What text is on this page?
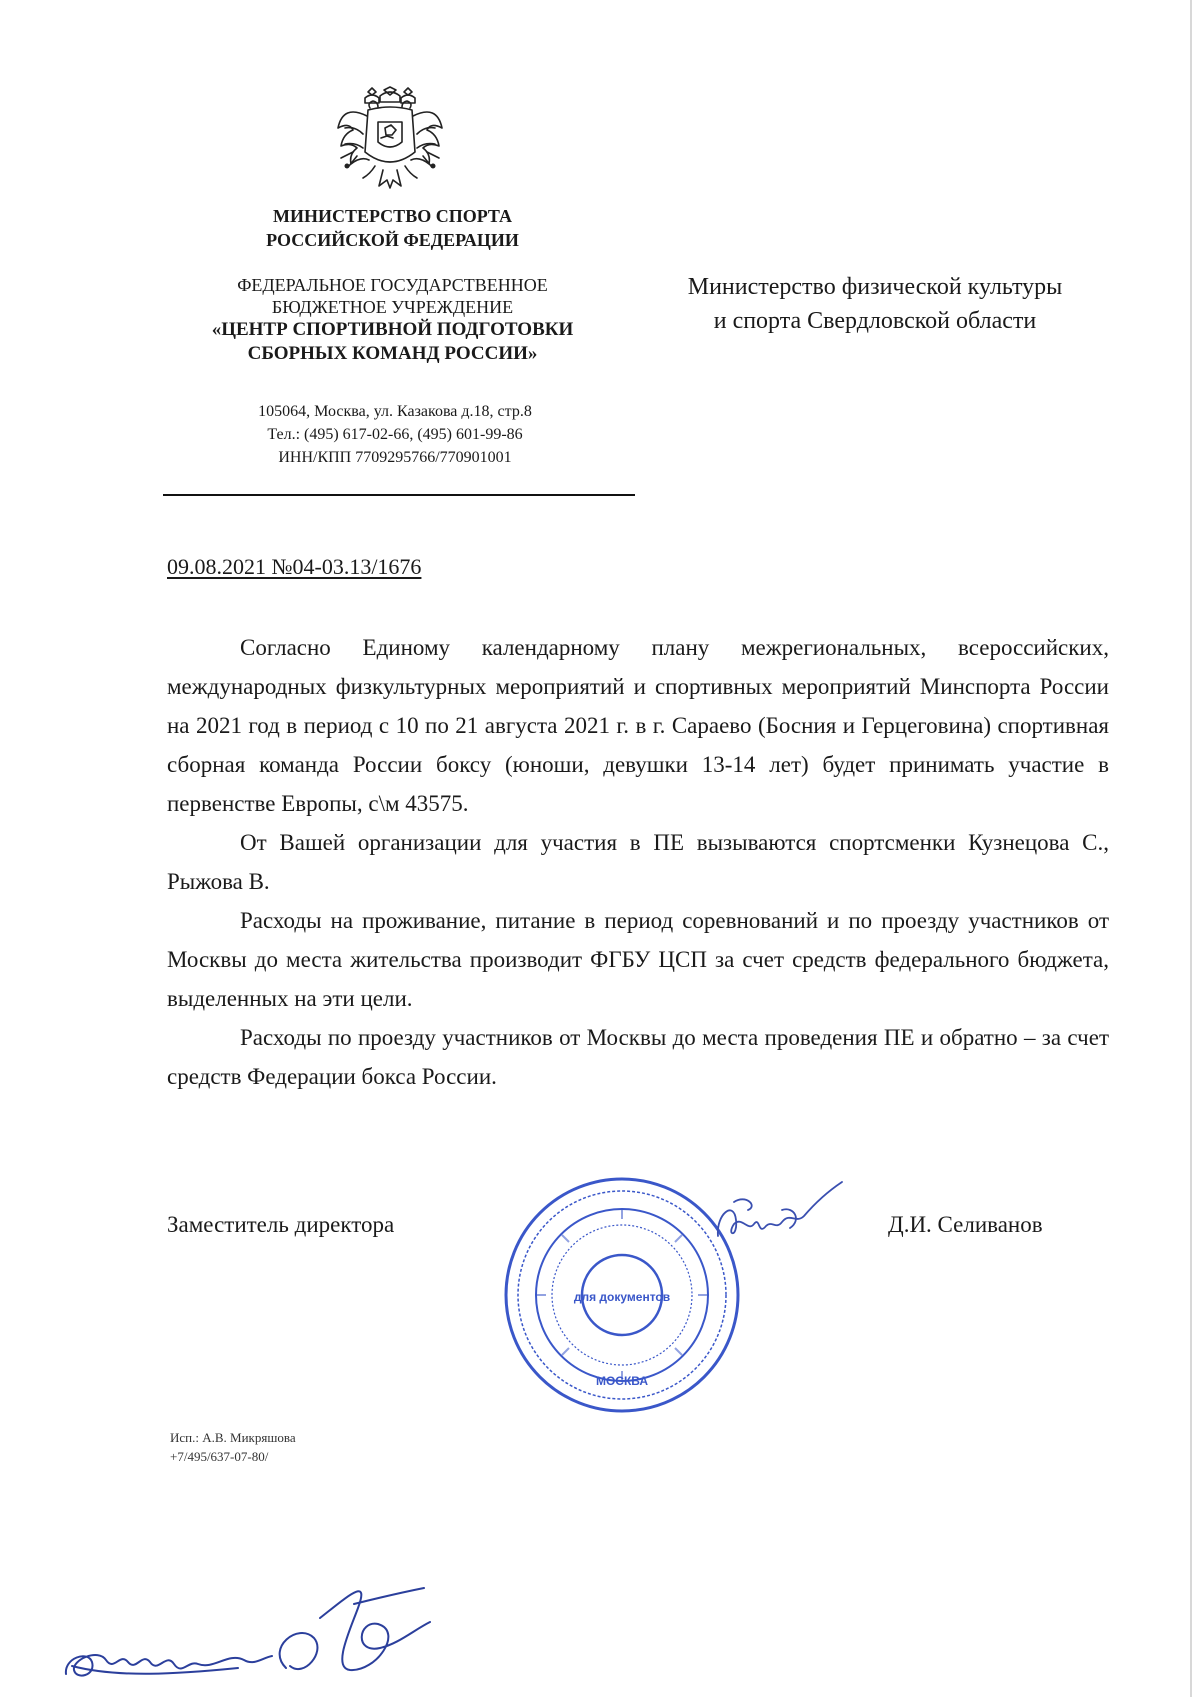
МИНИСТЕРСТВО СПОРТА
РОССИЙСКОЙ ФЕДЕРАЦИИ
ФЕДЕРАЛЬНОЕ ГОСУДАРСТВЕННОЕ
БЮДЖЕТНОЕ УЧРЕЖДЕНИЕ
«ЦЕНТР СПОРТИВНОЙ ПОДГОТОВКИ
СБОРНЫХ КОМАНД РОССИИ»
105064, Москва, ул. Казакова д.18, стр.8
Тел.: (495) 617-02-66, (495) 601-99-86
ИНН/КПП 7709295766/770901001
Министерство физической культуры
и спорта Свердловской области
09.08.2021 №04-03.13/1676

Согласно Единому календарному плану межрегиональных, всероссийских, международных физкультурных мероприятий и спортивных мероприятий Минспорта России на 2021 год в период с 10 по 21 августа 2021 г. в г. Сараево (Босния и Герцеговина) спортивная сборная команда России боксу (юноши, девушки 13-14 лет) будет принимать участие в первенстве Европы, с\м 43575.

От Вашей организации для участия в ПЕ вызываются спортсменки Кузнецова С., Рыжова В.

Расходы на проживание, питание в период соревнований и по проезду участников от Москвы до места жительства производит ФГБУ ЦСП за счет средств федерального бюджета, выделенных на эти цели.

Расходы по проезду участников от Москвы до места проведения ПЕ и обратно – за счет средств Федерации бокса России.

Заместитель директора
для документов
МОСКВА
Д.И. Селиванов
Исп.: А.В. Микряшова
+7/495/637-07-80/
